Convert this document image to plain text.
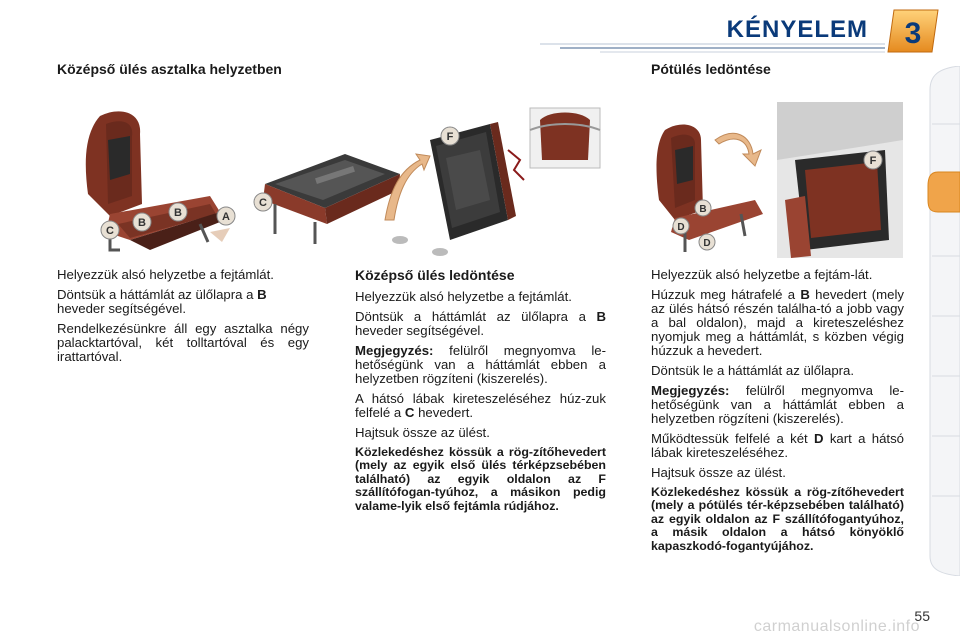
KÉNYELEM 3
Középső ülés asztalka helyzetben	Pótülés ledöntése
C
B
B	A
C
F
D
D
B
F

Helyezzük alsó helyzetbe a fejtámlát.

Döntsük a háttámlát az ülőlapra a B
heveder segítségével.

Rendelkezésünkre áll egy asztalka négy palacktartóval, két tolltartóval és egy irattartóval.

Középső ülés ledöntése

Helyezzük alsó helyzetbe a fejtámlát.

Döntsük a háttámlát az ülőlapra a B heveder segítségével.

Megjegyzés: felülről megnyomva le-hetőségünk van a háttámlát ebben a helyzetben rögzíteni (kiszerelés).

A hátsó lábak kireteszeléséhez húz-zuk felfelé a C hevedert.

Hajtsuk össze az ülést.

Közlekedéshez kössük a rög-zítőhevedert (mely az egyik első ülés térképzsebében található) az egyik oldalon az F szállítófogan-tyúhoz, a másikon pedig valame-lyik első fejtámla rúdjához.

Helyezzük alsó helyzetbe a fejtám-lát.

Húzzuk meg hátrafelé a B hevedert (mely az ülés hátsó részén találha-tó a jobb vagy a bal oldalon), majd a kireteszeléshez nyomjuk meg a háttámlát, s közben végig húzzuk a hevedert.

Döntsük le a háttámlát az ülőlapra.

Megjegyzés: felülről megnyomva le-hetőségünk van a háttámlát ebben a helyzetben rögzíteni (kiszerelés).

Működtessük felfelé a két D kart a hátsó lábak kireteszeléséhez.

Hajtsuk össze az ülést.

Közlekedéshez kössük a rög-zítőhevedert (mely a pótülés tér-képzsebében található) az egyik oldalon az F szállítófogantyúhoz, a másik oldalon a hátsó könyöklő kapaszkodó-fogantyújához.

55
carmanualsonline.info
